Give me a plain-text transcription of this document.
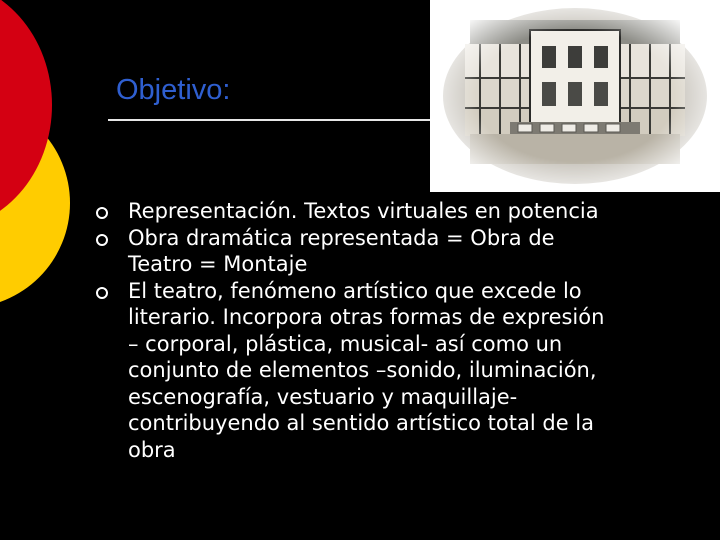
Objetivo:
Representación. Textos virtuales en potencia
Obra dramática representada = Obra de Teatro = Montaje
El teatro, fenómeno artístico que excede lo literario. Incorpora otras formas de expresión – corporal, plástica, musical- así como un conjunto de elementos –sonido, iluminación, escenografía, vestuario y maquillaje- contribuyendo al sentido artístico total de la obra
